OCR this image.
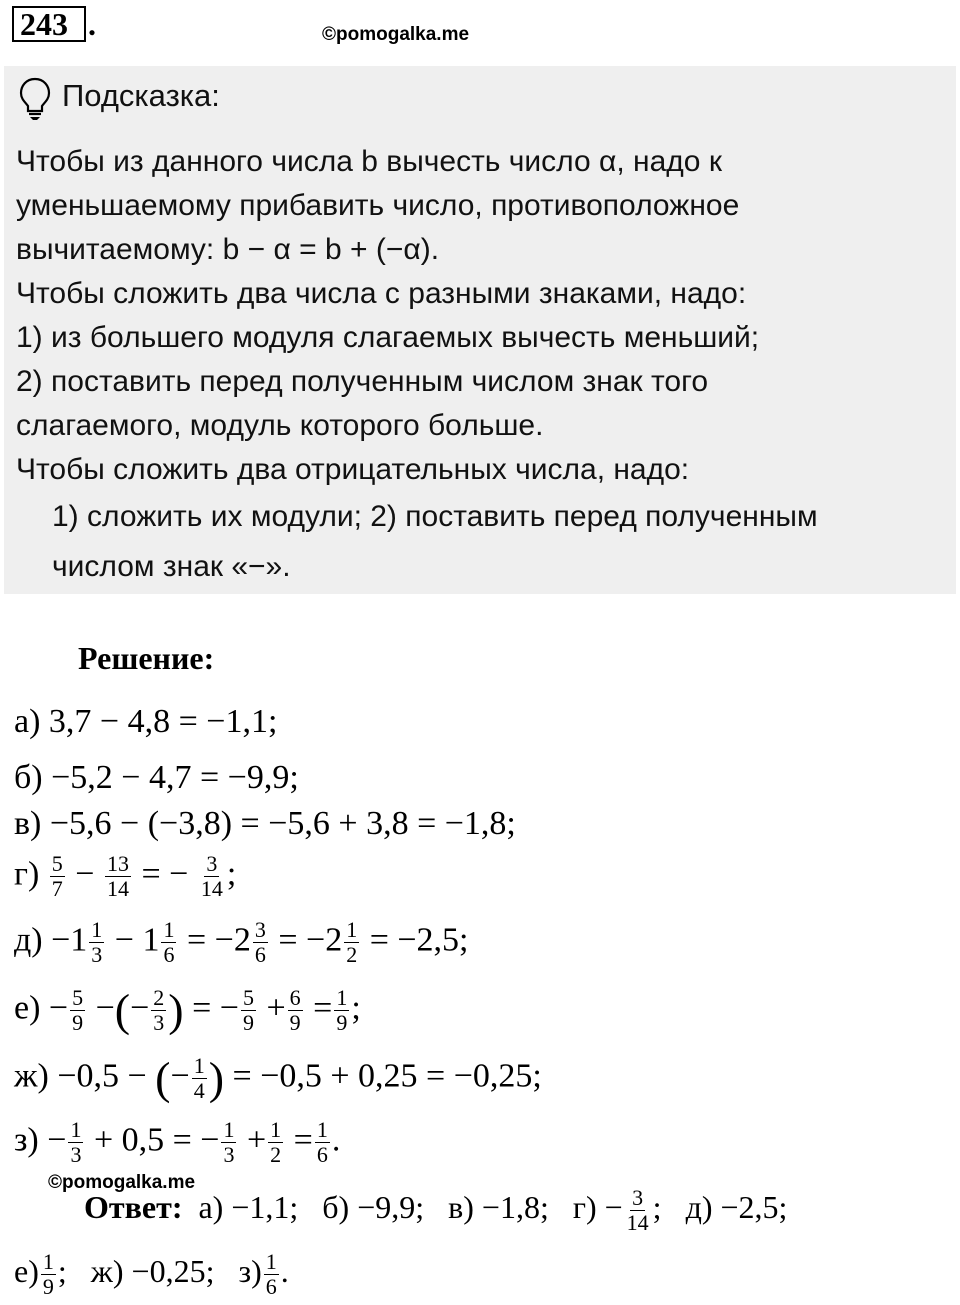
243 .	©pomogalka.me
Подсказка:
Чтобы из данного числа b вычесть число α, надо к
уменьшаемому прибавить число, противоположное
вычитаемому: b − α = b + (−α).
Чтобы сложить два числа с разными знаками, надо:
1) из большего модуля слагаемых вычесть меньший;
2) поставить перед полученным числом знак того
слагаемого, модуль которого больше.
Чтобы сложить два отрицательных числа, надо:
1) сложить их модули; 2) поставить перед полученным
числом знак «−».
Решение:
а) 3,7 − 4,8 = −1,1;
б) −5,2 − 4,7 = −9,9;
в) −5,6 − (−3,8) = −5,6 + 3,8 = −1,8;
$г) \frac{5}{7} - \frac{13}{14}$ = − $\frac{3}{14}$ ;
$д) -1 \frac{1}{3} - 1 \frac{1}{6} = -2 \frac{3}{6} = -2 \frac{1}{2} = -2,5$;
$е) - \frac{5}{9}$ −(− $\frac{2}{3}$ ) = − $\frac{5}{9} + \frac{6}{9} = \frac{1}{9}$ ;
ж) −0,5 − (− $\frac{1}{4}$ ) = −0,5 + 0,25 = −0,25;
$з) - \frac{1}{3} + 0,5$ = − $\frac{1}{3} + \frac{1}{2} = \frac{1}{6}$ .
©pomogalka.me
Ответ: а) −1,1; б) −9,9; в) −1,8; $г) - \frac{3}{14}$ ; д) −2,5;
$е) \frac{1}{9}$ ; ж) −0,25; $з) \frac{1}{6}$ .
